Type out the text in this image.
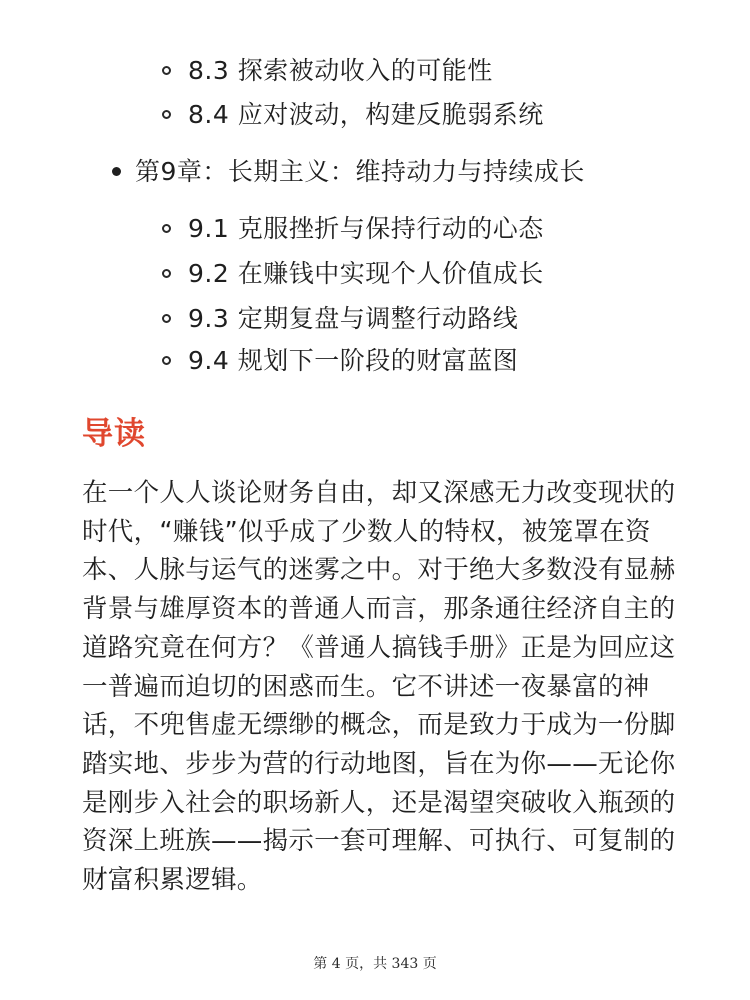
8.3 探索被动收入的可能性
8.4 应对波动，构建反脆弱系统
第9章：长期主义：维持动力与持续成长
9.1 克服挫折与保持行动的心态
9.2 在赚钱中实现个人价值成长
9.3 定期复盘与调整行动路线
9.4 规划下一阶段的财富蓝图
导读

在一个人人谈论财务自由，却又深感无力改变现状的时代，“赚钱”似乎成了少数人的特权，被笼罩在资本、人脉与运气的迷雾之中。对于绝大多数没有显赫背景与雄厚资本的普通人而言，那条通往经济自主的道路究竟在何方？《普通人搞钱手册》正是为回应这一普遍而迫切的困惑而生。它不讲述一夜暴富的神话，不兜售虚无缥缈的概念，而是致力于成为一份脚踏实地、步步为营的行动地图，旨在为你——无论你是刚步入社会的职场新人，还是渴望突破收入瓶颈的资深上班族——揭示一套可理解、可执行、可复制的财富积累逻辑。

第 4 页，共 343 页
